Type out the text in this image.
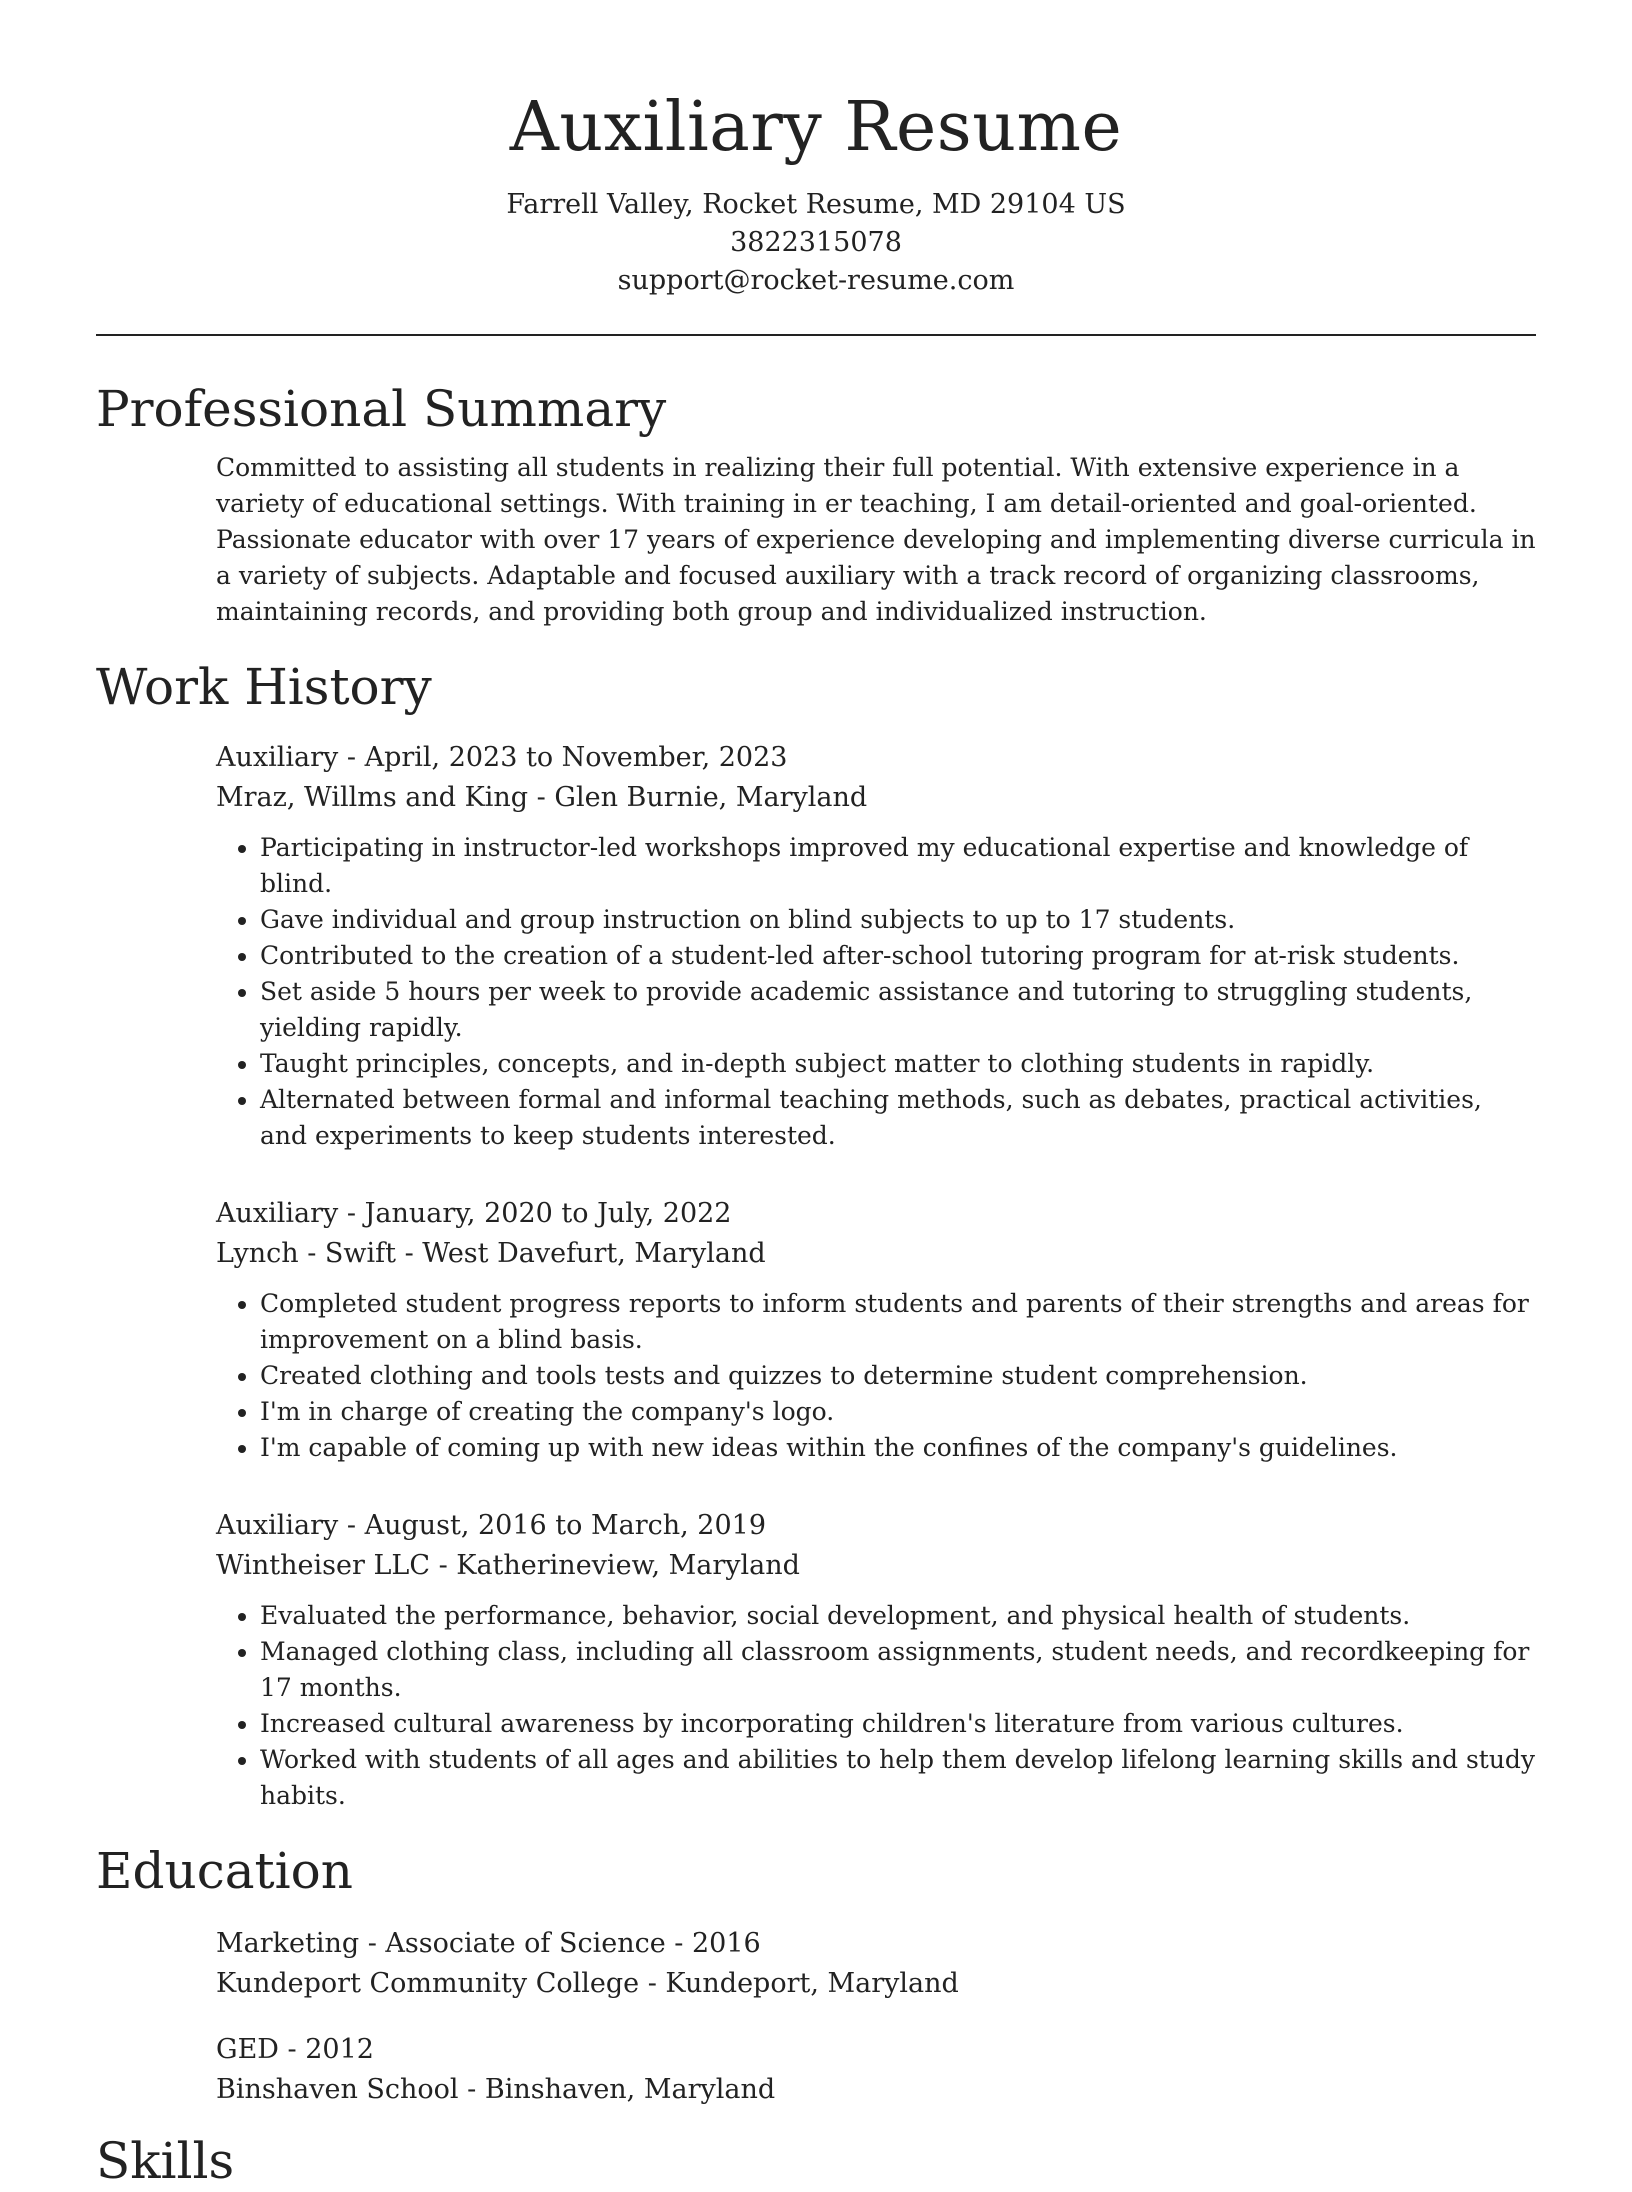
Auxiliary Resume
Farrell Valley, Rocket Resume, MD 29104 US
3822315078
support@rocket-resume.com
Professional Summary

Committed to assisting all students in realizing their full potential. With extensive experience in a variety of educational settings. With training in er teaching, I am detail-oriented and goal-oriented. Passionate educator with over 17 years of experience developing and implementing diverse curricula in a variety of subjects. Adaptable and focused auxiliary with a track record of organizing classrooms, maintaining records, and providing both group and individualized instruction.

Work History
Auxiliary - April, 2023 to November, 2023
Mraz, Willms and King - Glen Burnie, Maryland
• Participating in instructor-led workshops improved my educational expertise and knowledge of blind.
• Gave individual and group instruction on blind subjects to up to 17 students.
• Contributed to the creation of a student-led after-school tutoring program for at-risk students.
• Set aside 5 hours per week to provide academic assistance and tutoring to struggling students, yielding rapidly.
• Taught principles, concepts, and in-depth subject matter to clothing students in rapidly.
• Alternated between formal and informal teaching methods, such as debates, practical activities, and experiments to keep students interested.
Auxiliary - January, 2020 to July, 2022
Lynch - Swift - West Davefurt, Maryland
• Completed student progress reports to inform students and parents of their strengths and areas for improvement on a blind basis.
• Created clothing and tools tests and quizzes to determine student comprehension.
• I'm in charge of creating the company's logo.
• I'm capable of coming up with new ideas within the confines of the company's guidelines.
Auxiliary - August, 2016 to March, 2019
Wintheiser LLC - Katherineview, Maryland
• Evaluated the performance, behavior, social development, and physical health of students.
• Managed clothing class, including all classroom assignments, student needs, and recordkeeping for 17 months.
• Increased cultural awareness by incorporating children's literature from various cultures.
• Worked with students of all ages and abilities to help them develop lifelong learning skills and study habits.
Education
Marketing - Associate of Science - 2016
Kundeport Community College - Kundeport, Maryland
GED - 2012
Binshaven School - Binshaven, Maryland
Skills
